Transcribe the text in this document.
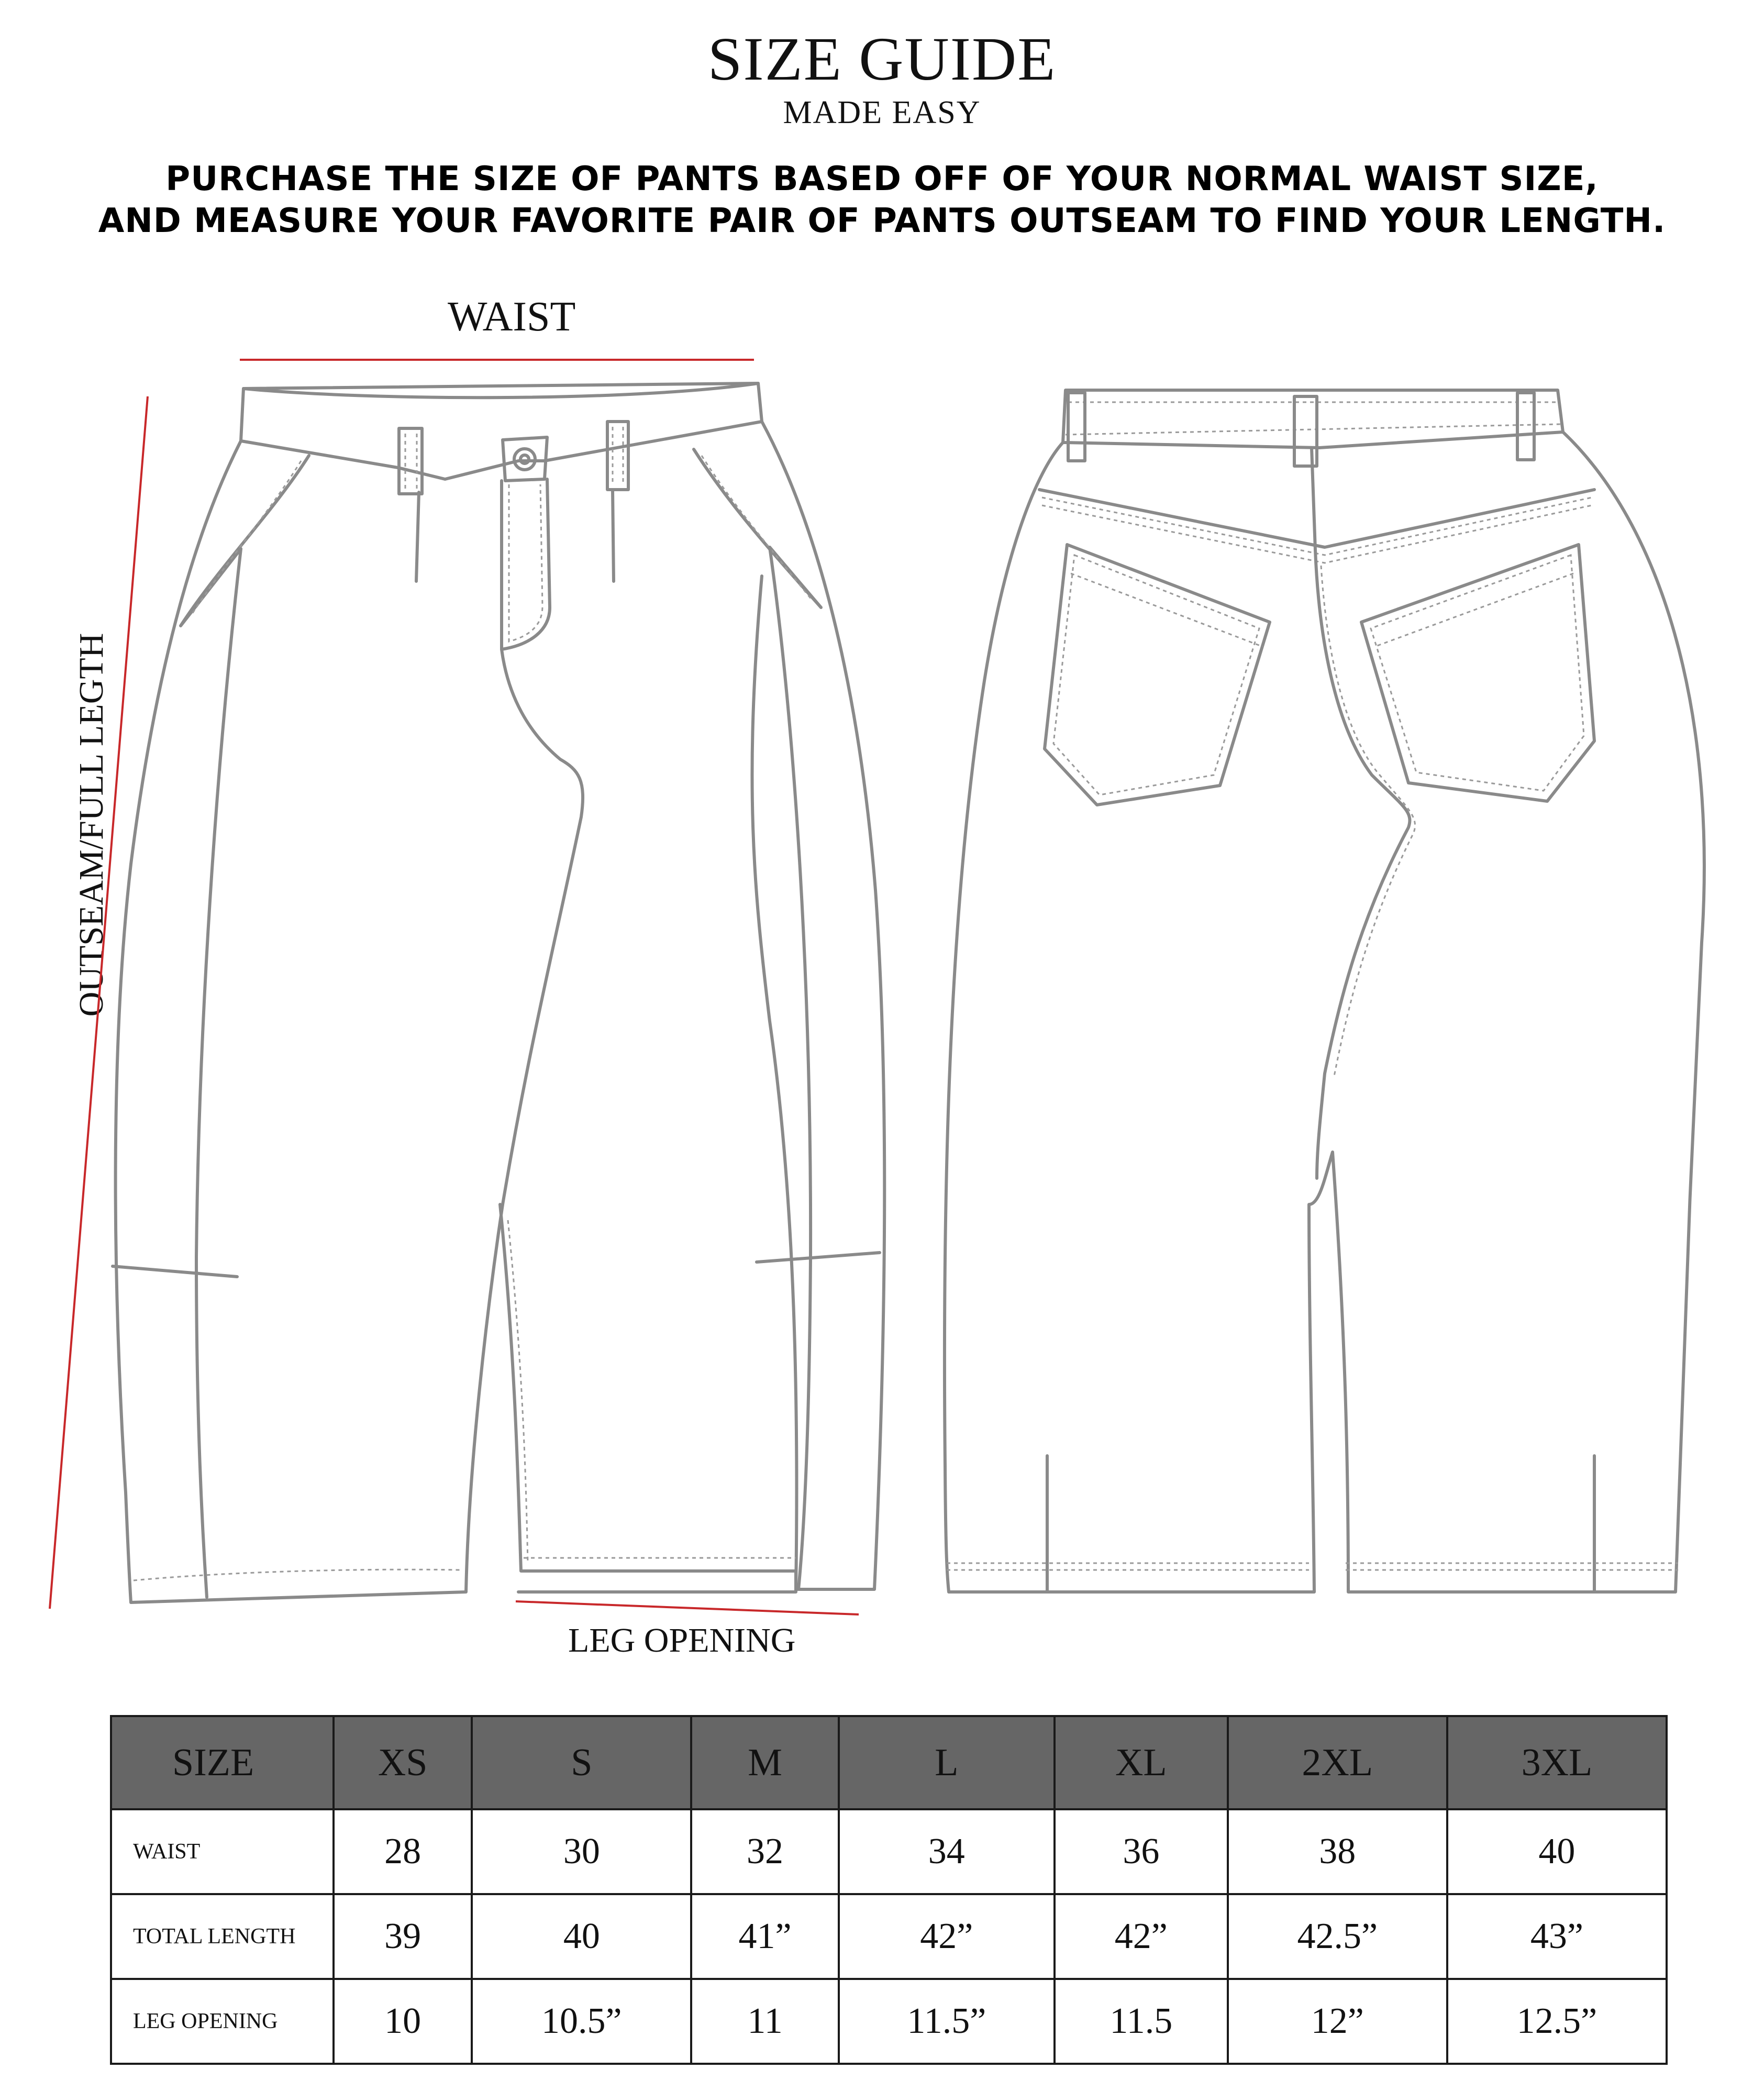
SIZE GUIDE
MADE EASY
PURCHASE THE SIZE OF PANTS BASED OFF OF YOUR NORMAL WAIST SIZE,
AND MEASURE YOUR FAVORITE PAIR OF PANTS OUTSEAM TO FIND YOUR LENGTH.
WAIST
OUTSEAM/FULL LEGTH
LEG OPENING
SIZE	XS	S	M	L	XL	2XL	3XL
WAIST	28	30	32	34	36	38	40
TOTAL LENGTH	39	40	41”	42”	42”	42.5”	43”
LEG OPENING	10	10.5”	11	11.5”	11.5	12”	12.5”
